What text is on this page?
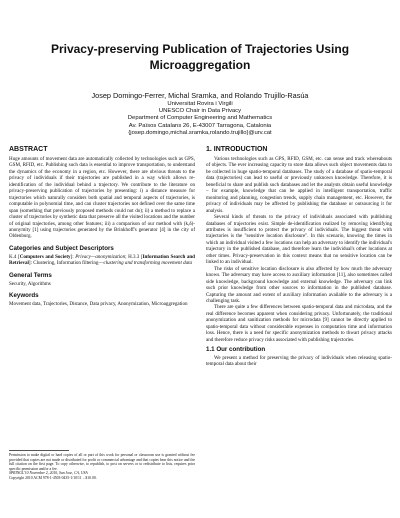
Privacy-preserving Publication of Trajectories Using
Microaggregation
Josep Domingo-Ferrer, Michal Sramka, and Rolando Trujillo-Rasúa
Universitat Rovira i Virgili
UNESCO Chair in Data Privacy
Department of Computer Engineering and Mathematics
Av. Països Catalans 26, E-43007 Tarragona, Catalonia
{josep.domingo,michal.sramka,rolando.trujillo}@urv.cat
ABSTRACT

Huge amounts of movement data are automatically collected by technologies such as GPS, GSM, RFID, etc. Publishing such data is essential to improve transportation, to understand the dynamics of the economy in a region, etc. However, there are obvious threats to the privacy of individuals if their trajectories are published in a way which allows re-identification of the individual behind a trajectory. We contribute to the literature on privacy-preserving publication of trajectories by presenting: i) a distance measure for trajectories which naturally considers both spatial and temporal aspects of trajectories, is computable in polynomial time, and can cluster trajectories not defined over the same time span (something that previously proposed methods could not do); ii) a method to replace a cluster of trajectories by synthetic data that preserve all the visited locations and the number of original trajectories, among other features; iii) a comparison of our method with (k,δ)-anonymity [1] using trajectories generated by the Brinkhoff's generator [4] in the city of Oldenburg.

Categories and Subject Descriptors

K.4 [Computers and Society]: Privacy—anonymization; H.3.3 [Information Search and Retrieval]: Clustering, Information filtering—clustering and transforming movement data

General Terms

Security, Algorithms

Keywords

Movement data, Trajectories, Distance, Data privacy, Anonymization, Microaggregation

Permission to make digital or hard copies of all or part of this work for personal or classroom use is granted without fee provided that copies are not made or distributed for profit or commercial advantage and that copies bear this notice and the full citation on the first page. To copy otherwise, to republish, to post on servers or to redistribute to lists, requires prior specific permission and/or a fee.

SPRINGL'10 November 2, 2010, San Jose, CA, USA

Copyright 2010 ACM 978-1-4503-0435-1/10/11 ...$10.00.

1. INTRODUCTION

Various technologies such as GPS, RFID, GSM, etc. can sense and track whereabouts of objects. The ever increasing capacity to store data allows such object movements data to be collected in huge spatio-temporal databases. The study of a database of spatio-temporal data (trajectories) can lead to useful or previously unknown knowledge. Therefore, it is beneficial to share and publish such databases and let the analysts obtain useful knowledge – for example, knowledge that can be applied in intelligent transportation, traffic monitoring and planning, congestion trends, supply chain management, etc. However, the privacy of individuals may be affected by publishing the database or outsourcing it for analysis.

Several kinds of threats to the privacy of individuals associated with publishing databases of trajectories exist. Simple de-identification realized by removing identifying attributes is insufficient to protect the privacy of individuals. The biggest threat with trajectories is the "sensitive location disclosure". In this scenario, knowing the times in which an individual visited a few locations can help an adversary to identify the individual's trajectory in the published database, and therefore learn the individual's other locations at other times. Privacy-preservation in this context means that no sensitive location can be linked to an individual.

The risks of sensitive location disclosure is also affected by how much the adversary knows. The adversary may have access to auxiliary information [11], also sometimes called side knowledge, background knowledge and external knowledge. The adversary can link such prior knowledge from other sources to information in the published database. Capturing the amount and extent of auxiliary information available to the adversary is a challenging task.

There are quite a few differences between spatio-temporal data and microdata, and the real difference becomes apparent when considering privacy. Unfortunately, the traditional anonymization and sanitization methods for microdata [9] cannot be directly applied to spatio-temporal data without considerable expenses in computation time and information loss. Hence, there is a need for specific anonymization methods to thwart privacy attacks and therefore reduce privacy risks associated with publishing trajectories.

1.1 Our contribution

We present a method for preserving the privacy of individuals when releasing spatio-temporal data about their
